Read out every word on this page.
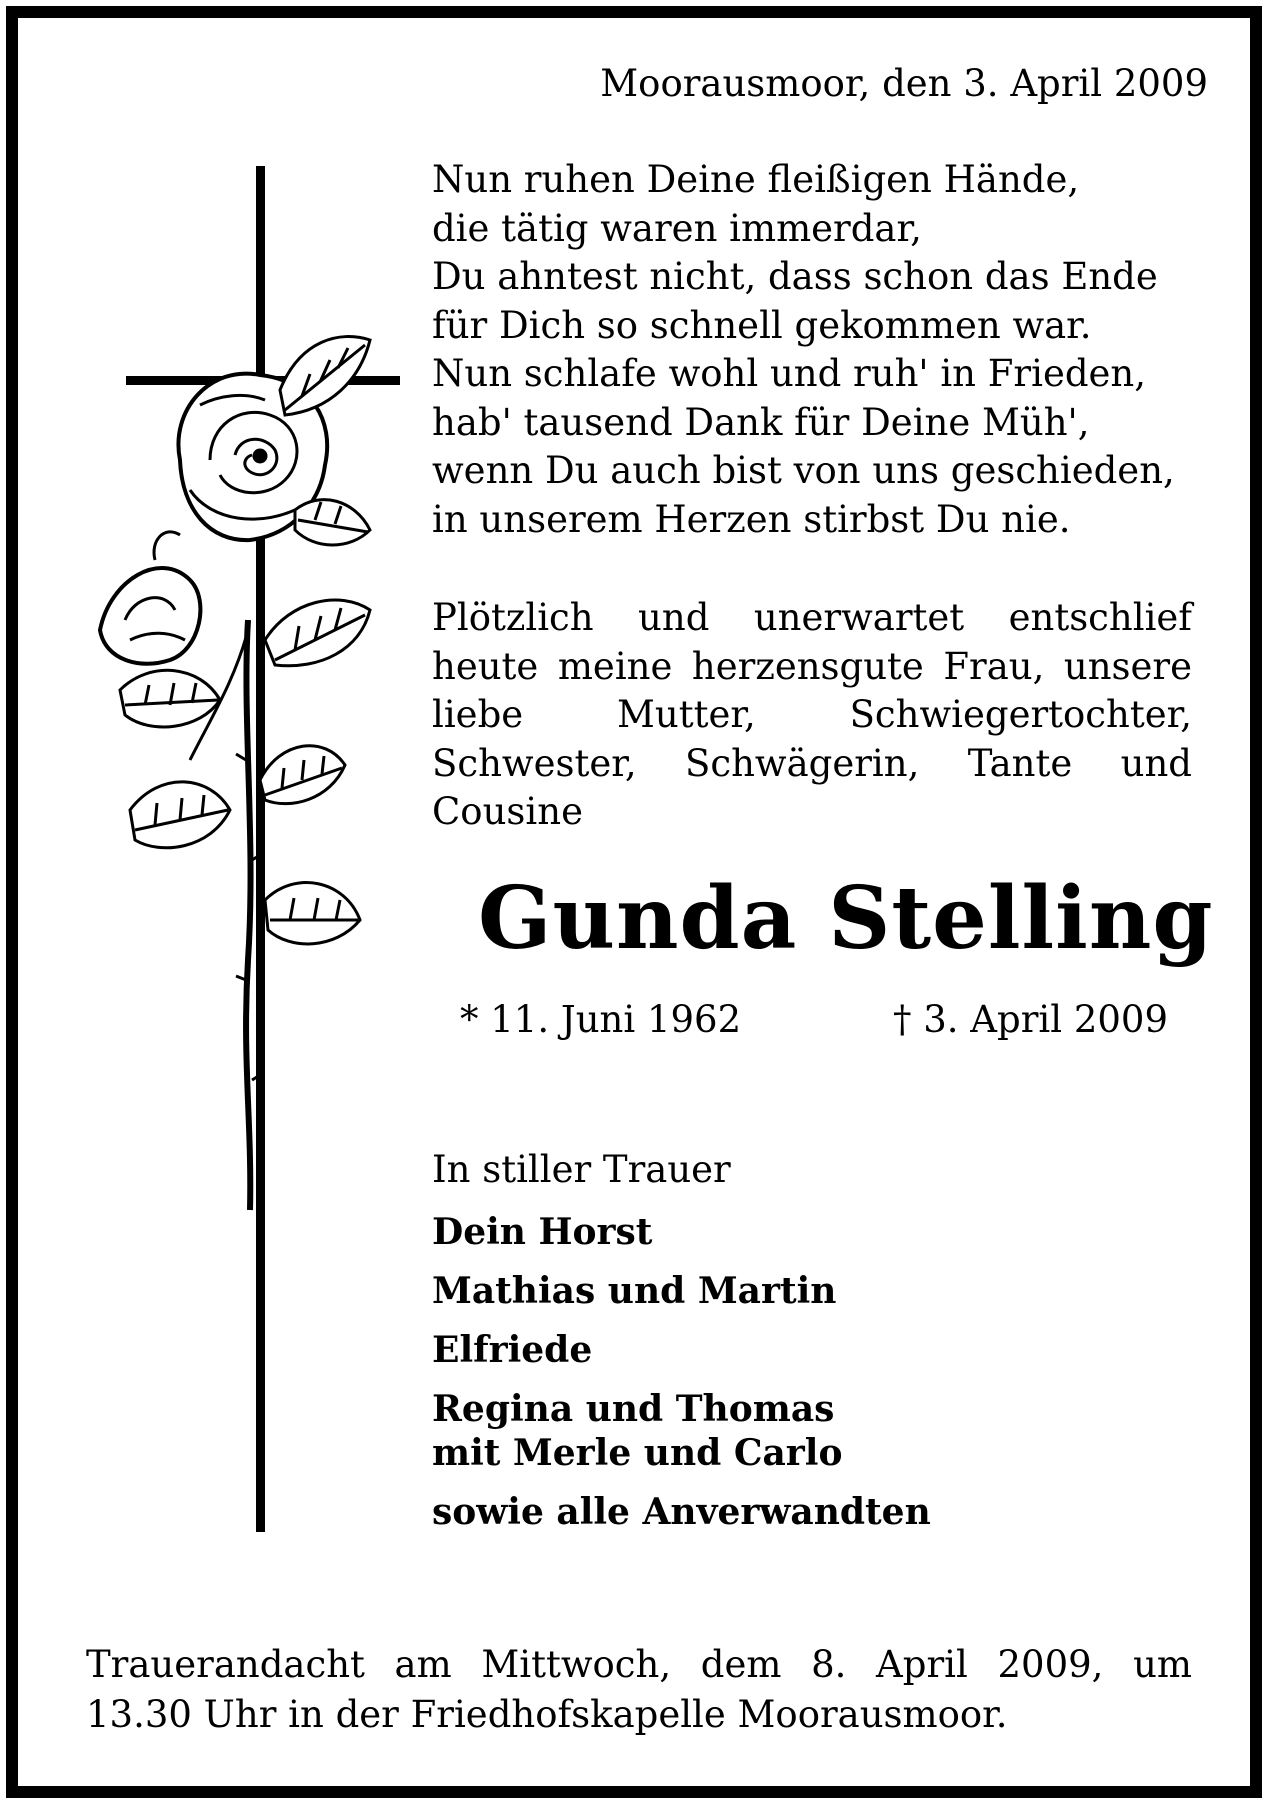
Moorausmoor, den 3. April 2009
Nun ruhen Deine fleißigen Hände,
die tätig waren immerdar,
Du ahntest nicht, dass schon das Ende
für Dich so schnell gekommen war.
Nun schlafe wohl und ruh' in Frieden,
hab' tausend Dank für Deine Müh',
wenn Du auch bist von uns geschieden,
in unserem Herzen stirbst Du nie.
Plötzlich und unerwartet entschlief
heute meine herzensgute Frau, unsere
liebe Mutter, Schwiegertochter,
Schwester, Schwägerin, Tante und
Cousine
Gunda Stelling
* 11. Juni 1962	† 3. April 2009
In stiller Trauer
Dein Horst
Mathias und Martin
Elfriede
Regina und Thomas
mit Merle und Carlo
sowie alle Anverwandten
Trauerandacht am Mittwoch, dem 8. April 2009, um
13.30 Uhr in der Friedhofskapelle Moorausmoor.
